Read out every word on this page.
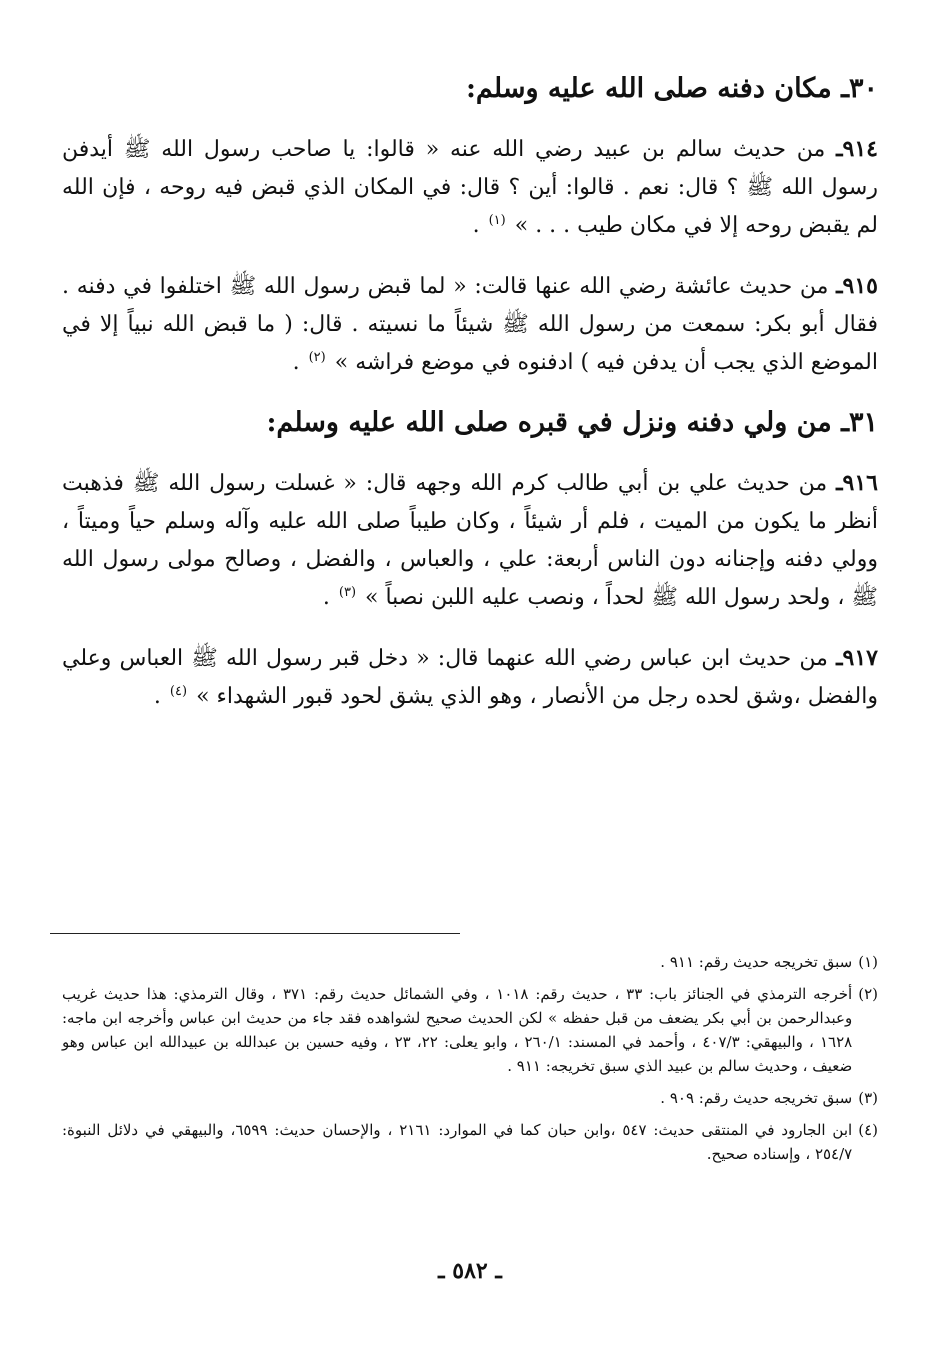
٣٠ـ مكان دفنه صلى الله عليه وسلم:

٩١٤ـ من حديث سالم بن عبيد رضي الله عنه « قالوا: يا صاحب رسول الله ﷺ أيدفن رسول الله ﷺ ؟ قال: نعم . قالوا: أين ؟ قال: في المكان الذي قبض فيه روحه ، فإن الله لم يقبض روحه إلا في مكان طيب . . . » $^{(١)}$ .

٩١٥ـ من حديث عائشة رضي الله عنها قالت: « لما قبض رسول الله ﷺ اختلفوا في دفنه . فقال أبو بكر: سمعت من رسول الله ﷺ شيئاً ما نسيته . قال: ( ما قبض الله نبياً إلا في الموضع الذي يجب أن يدفن فيه ) ادفنوه في موضع فراشه » $^{(٢)}$ .

٣١ـ من ولي دفنه ونزل في قبره صلى الله عليه وسلم:

٩١٦ـ من حديث علي بن أبي طالب كرم الله وجهه قال: « غسلت رسول الله ﷺ فذهبت أنظر ما يكون من الميت ، فلم أر شيئاً ، وكان طيباً صلى الله عليه وآله وسلم حياً وميتاً ، وولي دفنه وإجنانه دون الناس أربعة: علي ، والعباس ، والفضل ، وصالح مولى رسول الله ﷺ ، ولحد رسول الله ﷺ لحداً ، ونصب عليه اللبن نصباً » $^{(٣)}$ .

٩١٧ـ من حديث ابن عباس رضي الله عنهما قال: « دخل قبر رسول الله ﷺ العباس وعلي والفضل ،وشق لحده رجل من الأنصار ، وهو الذي يشق لحود قبور الشهداء » $^{(٤)}$ .

(١)
سبق تخريجه حديث رقم: ٩١١ .
(٢)
أخرجه الترمذي في الجنائز باب: ٣٣ ، حديث رقم: ١٠١٨ ، وفي الشمائل حديث رقم: ٣٧١ ، وقال الترمذي: هذا حديث غريب وعبدالرحمن بن أبي بكر يضعف من قبل حفظه » لكن الحديث صحيح لشواهده فقد جاء من حديث ابن عباس وأخرجه ابن ماجه: ١٦٢٨ ، والبيهقي: ٤٠٧/٣ ، وأحمد في المسند: ٢٦٠/١ ، وابو يعلى: ٢٢، ٢٣ ، وفيه حسين بن عبدالله بن عبيدالله ابن عباس وهو ضعيف ، وحديث سالم بن عبيد الذي سبق تخريجه: ٩١١ .
(٣)
سبق تخريجه حديث رقم: ٩٠٩ .
(٤)
ابن الجارود في المنتقى حديث: ٥٤٧ ،وابن حبان كما في الموارد: ٢١٦١ ، والإحسان حديث: ٦٥٩٩، والبيهقي في دلائل النبوة: ٢٥٤/٧ ، وإسناده صحيح.
ـ ٥٨٢ ـ
